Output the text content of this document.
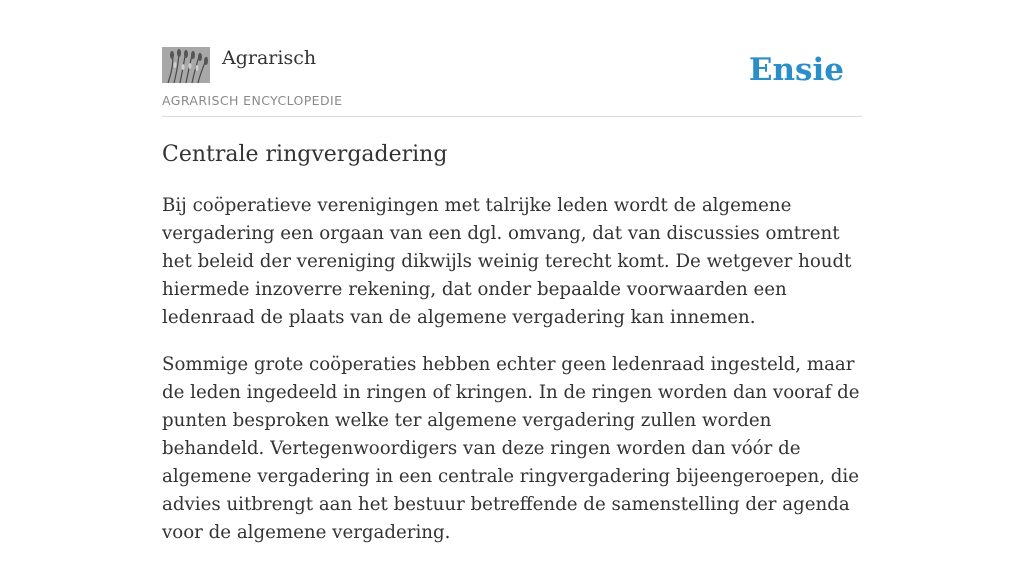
Agrarisch
AGRARISCH ENCYCLOPEDIE
Ensie
Centrale ringvergadering

Bij coöperatieve verenigingen met talrijke leden wordt de algemene vergadering een orgaan van een dgl. omvang, dat van discussies omtrent het beleid der vereniging dikwijls weinig terecht komt. De wetgever houdt hiermede inzoverre rekening, dat onder bepaalde voorwaarden een ledenraad de plaats van de algemene vergadering kan innemen.

Sommige grote coöperaties hebben echter geen ledenraad ingesteld, maar de leden ingedeeld in ringen of kringen. In de ringen worden dan vooraf de punten besproken welke ter algemene vergadering zullen worden behandeld. Vertegenwoordigers van deze ringen worden dan vóór de algemene vergadering in een centrale ringvergadering bijeengeroepen, die advies uitbrengt aan het bestuur betreffende de samenstelling der agenda voor de algemene vergadering.
